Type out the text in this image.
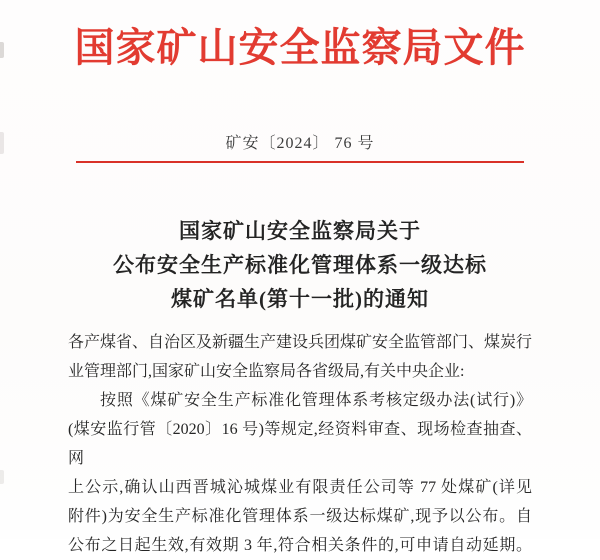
国家矿山安全监察局文件
矿安〔2024〕 76 号
国家矿山安全监察局关于
公布安全生产标准化管理体系一级达标
煤矿名单(第十一批)的通知
各产煤省、自治区及新疆生产建设兵团煤矿安全监管部门、煤炭行
业管理部门,国家矿山安全监察局各省级局,有关中央企业:
按照《煤矿安全生产标准化管理体系考核定级办法(试行)》
(煤安监行管〔2020〕16 号)等规定,经资料审查、现场检查抽查、网
上公示,确认山西晋城沁城煤业有限责任公司等 77 处煤矿(详见
附件)为安全生产标准化管理体系一级达标煤矿,现予以公布。自
公布之日起生效,有效期 3 年,符合相关条件的,可申请自动延期。
